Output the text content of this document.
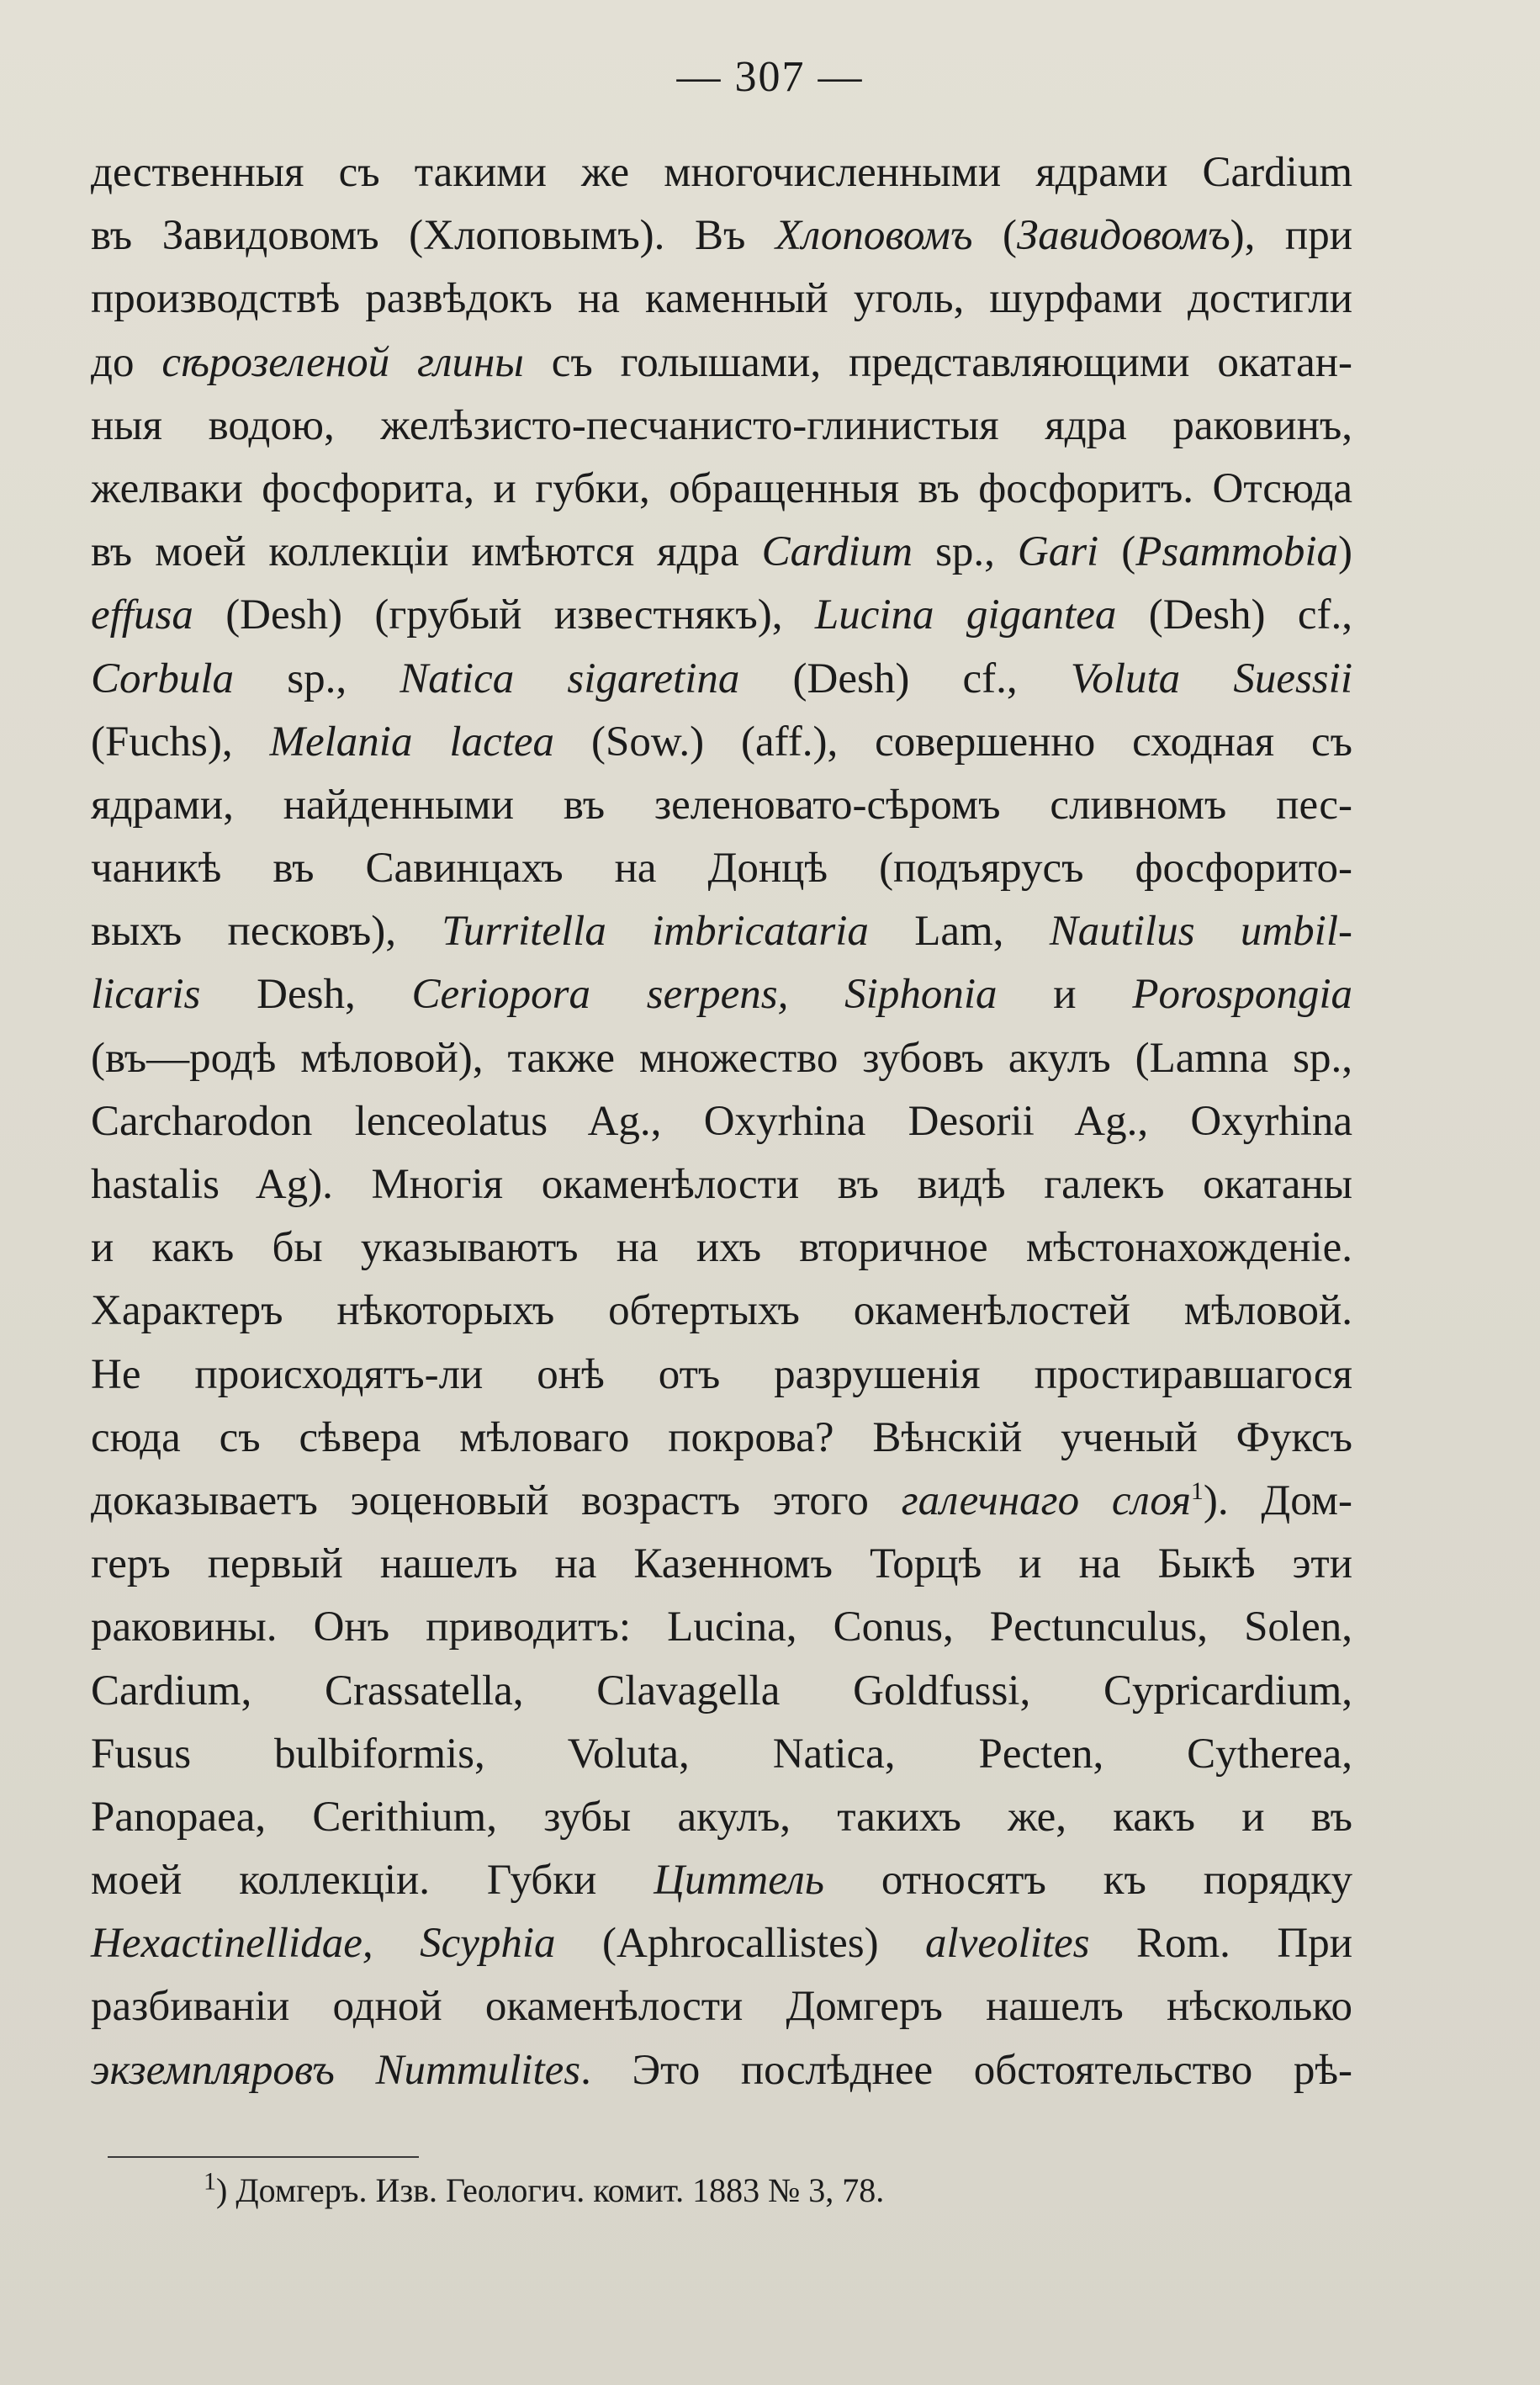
— 307 —
дественныя съ такими же многочисленными ядрами Cardium
въ Завидовомъ (Хлоповымъ). Въ Хлоповомъ (Завидовомъ), при
производствѣ развѣдокъ на каменный уголь, шурфами достигли
до сѣрозеленой глины съ голышами, представляющими окатан-
ныя водою, желѣзисто-песчанисто-глинистыя ядра раковинъ,
желваки фосфорита, и губки, обращенныя въ фосфоритъ. Отсюда
въ моей коллекціи имѣются ядра Cardium sp., Gari (Psammobia)
effusa (Desh) (грубый известнякъ), Lucina gigantea (Desh) cf.,
Corbula sp., Natica sigaretina (Desh) cf., Voluta Suessii
(Fuchs), Melania lactea (Sow.) (aff.), совершенно сходная съ
ядрами, найденными въ зеленовато-сѣромъ сливномъ пес-
чаникѣ въ Савинцахъ на Донцѣ (подъярусъ фосфорито-
выхъ песковъ), Turritella imbricataria Lam, Nautilus umbil-
licaris Desh, Ceriopora serpens, Siphonia и Porospongia
(въ—родѣ мѣловой), также множество зубовъ акулъ (Lamna sp.,
Carcharodon lenceolatus Ag., Oxyrhina Desorii Ag., Oxyrhina
hastalis Ag). Многія окаменѣлости въ видѣ галекъ окатаны
и какъ бы указываютъ на ихъ вторичное мѣстонахожденіе.
Характеръ нѣкоторыхъ обтертыхъ окаменѣлостей мѣловой.
Не происходятъ-ли онѣ отъ разрушенія простиравшагося
сюда съ сѣвера мѣловаго покрова? Вѣнскій ученый Фуксъ
доказываетъ эоценовый возрастъ этого галечнаго слоя$^1$). Дом-
геръ первый нашелъ на Казенномъ Торцѣ и на Быкѣ эти
раковины. Онъ приводитъ: Lucina, Conus, Pectunculus, Solen,
Cardium, Crassatella, Clavagella Goldfussi, Cypricardium,
Fusus bulbiformis, Voluta, Natica, Pecten, Cytherea,
Panopaea, Cerithium, зубы акулъ, такихъ же, какъ и въ
моей коллекціи. Губки Циттель относятъ къ порядку
Hexactinellidae, Scyphia (Aphrocallistes) alveolites Rom. При
разбиваніи одной окаменѣлости Домгеръ нашелъ нѣсколько
экземпляровъ Nummulites. Это послѣднее обстоятельство рѣ-
$^1$) Домгеръ. Изв. Геологич. комит. 1883 № 3, 78.
